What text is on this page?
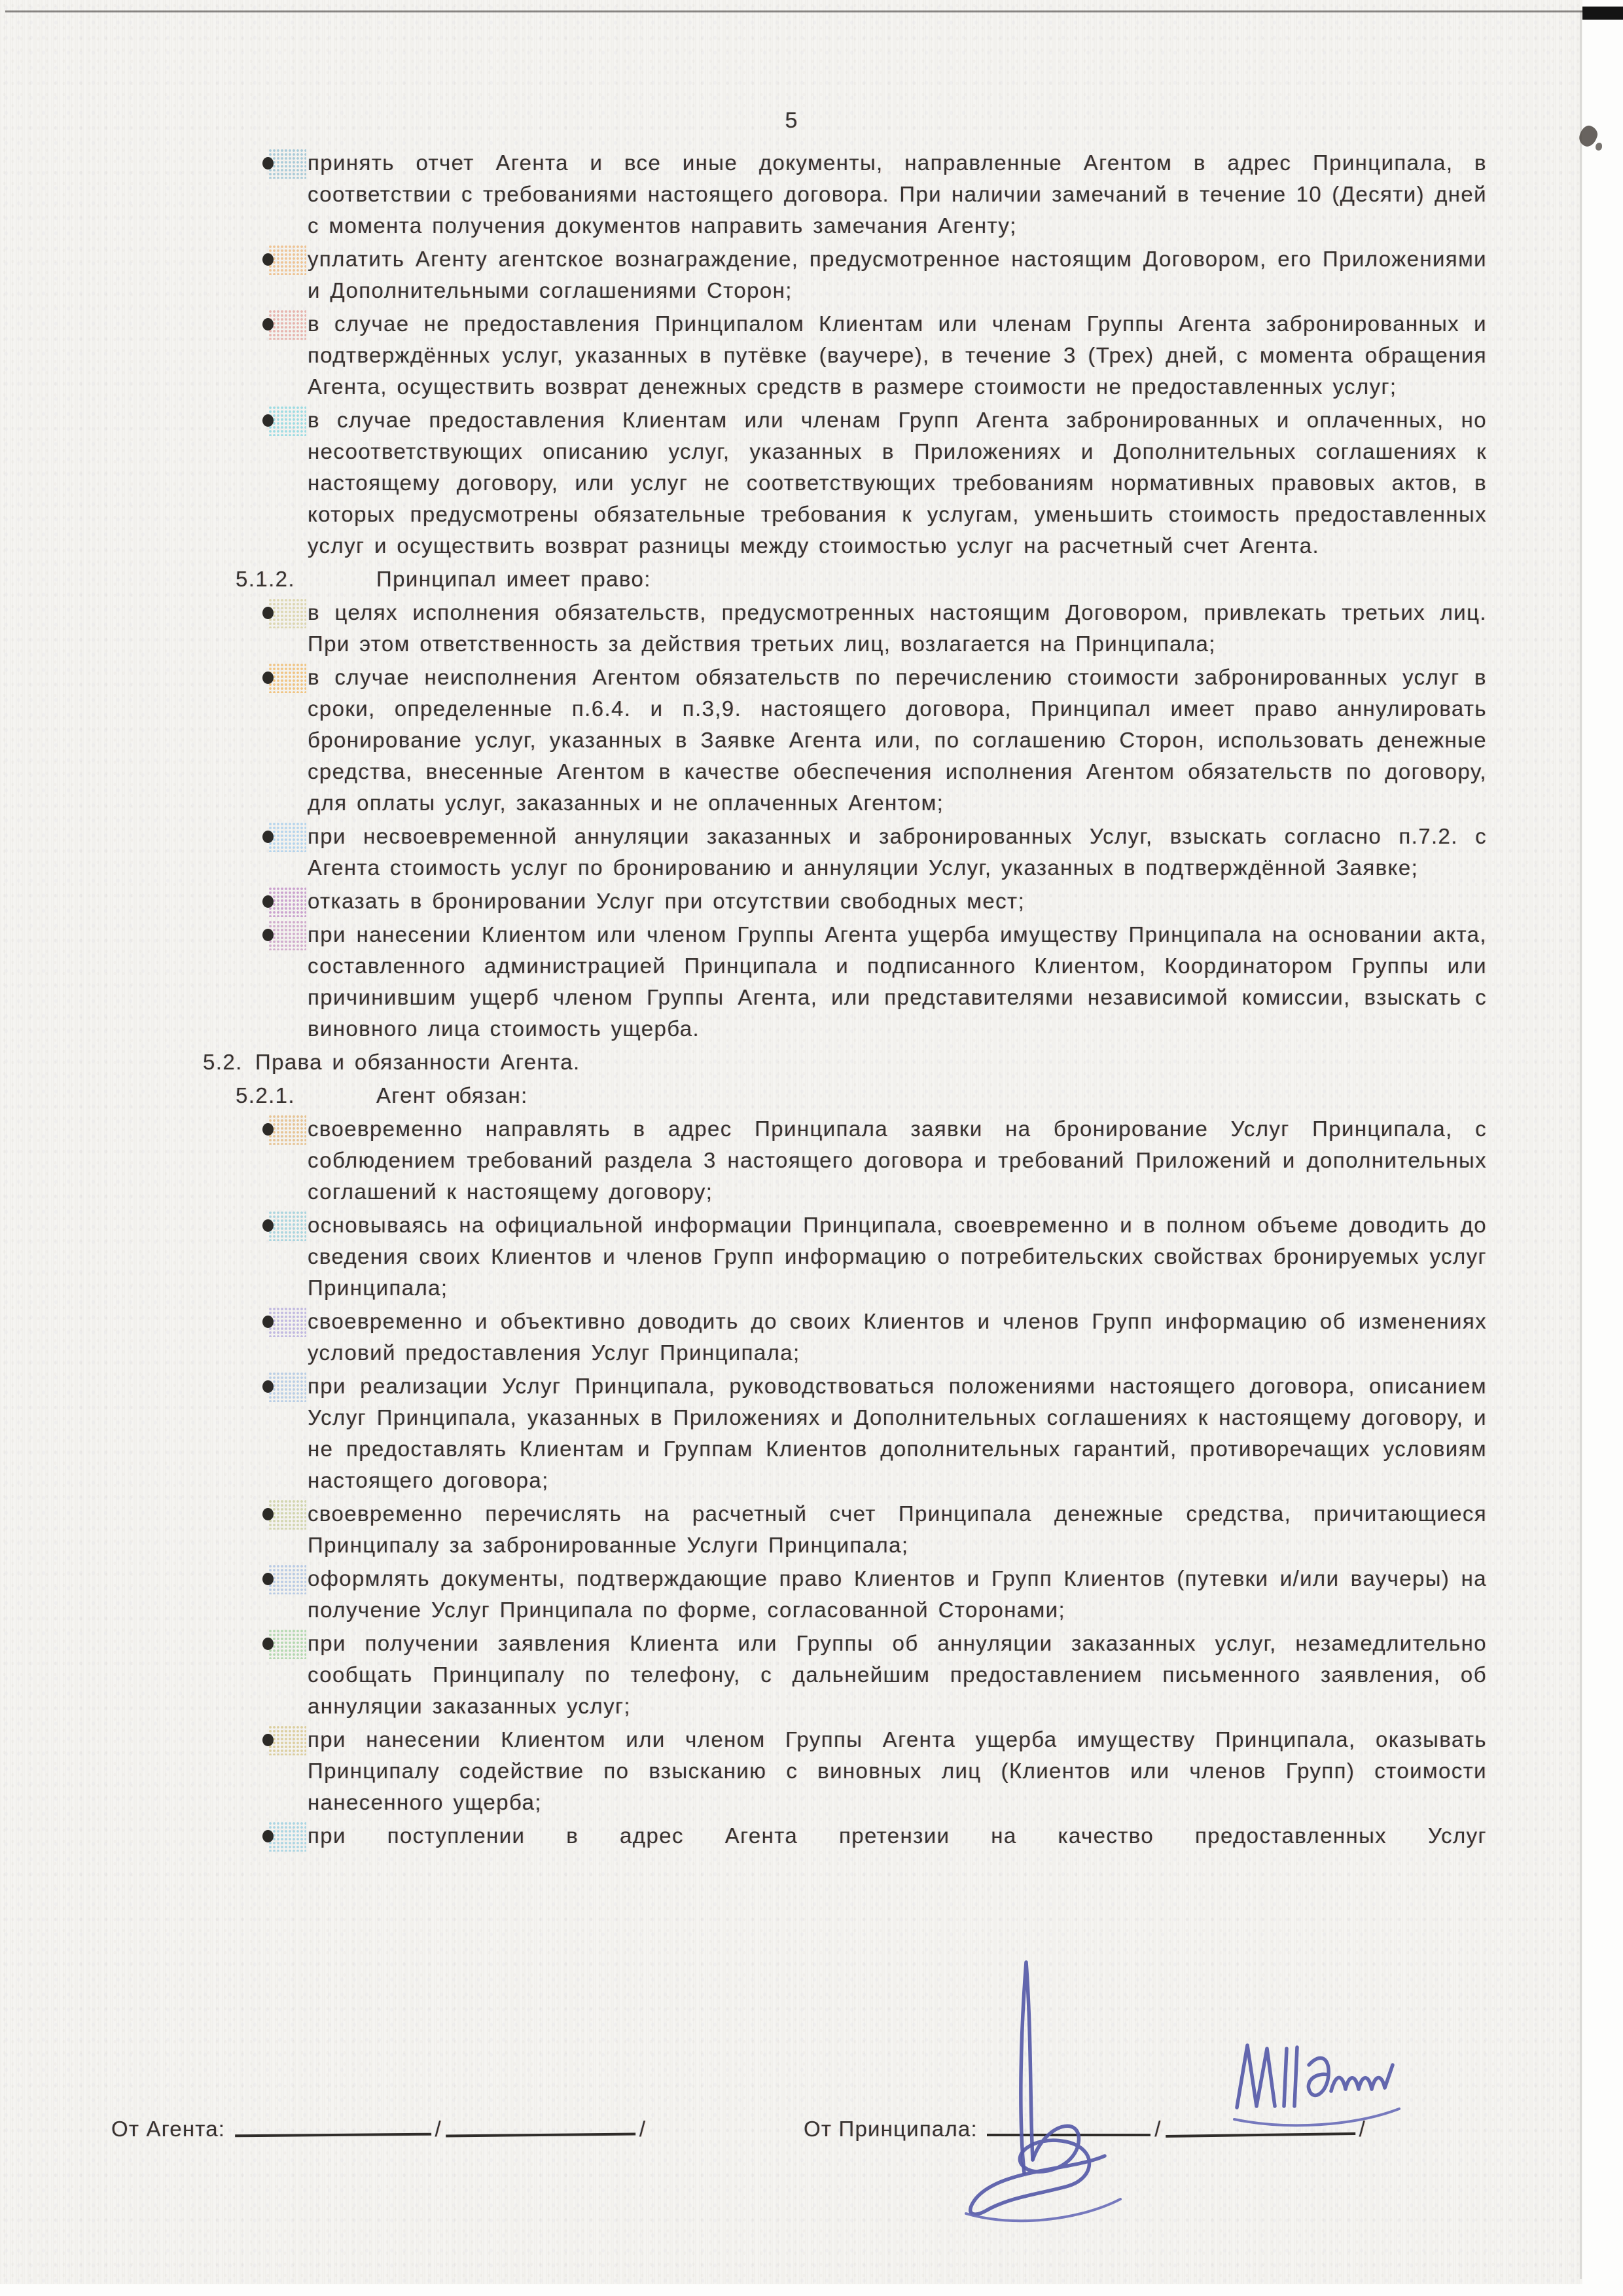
5
принять отчет Агента и все иные документы, направленные Агентом в адрес Принципала, в соответствии с требованиями настоящего договора. При наличии замечаний в течение 10 (Десяти) дней с момента получения документов направить замечания Агенту;
уплатить Агенту агентское вознаграждение, предусмотренное настоящим Договором, его Приложениями и Дополнительными соглашениями Сторон;
в случае не предоставления Принципалом Клиентам или членам Группы Агента забронированных и подтверждённых услуг, указанных в путёвке (ваучере), в течение 3 (Трех) дней, с момента обращения Агента, осуществить возврат денежных средств в размере стоимости не предоставленных услуг;
в случае предоставления Клиентам или членам Групп Агента забронированных и оплаченных, но несоответствующих описанию услуг, указанных в Приложениях и Дополнительных соглашениях к настоящему договору, или услуг не соответствующих требованиям нормативных правовых актов, в которых предусмотрены обязательные требования к услугам, уменьшить стоимость предоставленных услуг и осуществить возврат разницы между стоимостью услуг на расчетный счет Агента.
5.1.2.	Принципал имеет право:
в целях исполнения обязательств, предусмотренных настоящим Договором, привлекать третьих лиц. При этом ответственность за действия третьих лиц, возлагается на Принципала;
в случае неисполнения Агентом обязательств по перечислению стоимости забронированных услуг в сроки, определенные п.6.4. и п.3,9. настоящего договора, Принципал имеет право аннулировать бронирование услуг, указанных в Заявке Агента или, по соглашению Сторон, использовать денежные средства, внесенные Агентом в качестве обеспечения исполнения Агентом обязательств по договору, для оплаты услуг, заказанных и не оплаченных Агентом;
при несвоевременной аннуляции заказанных и забронированных Услуг, взыскать согласно п.7.2. с Агента стоимость услуг по бронированию и аннуляции Услуг, указанных в подтверждённой Заявке;
отказать в бронировании Услуг при отсутствии свободных мест;
при нанесении Клиентом или членом Группы Агента ущерба имуществу Принципала на основании акта, составленного администрацией Принципала и подписанного Клиентом, Координатором Группы или причинившим ущерб членом Группы Агента, или представителями независимой комиссии, взыскать с виновного лица стоимость ущерба.
5.2. Права и обязанности Агента.
5.2.1.	Агент обязан:
своевременно направлять в адрес Принципала заявки на бронирование Услуг Принципала, с соблюдением требований раздела 3 настоящего договора и требований Приложений и дополнительных соглашений к настоящему договору;
основываясь на официальной информации Принципала, своевременно и в полном объеме доводить до сведения своих Клиентов и членов Групп информацию о потребительских свойствах бронируемых услуг Принципала;
своевременно и объективно доводить до своих Клиентов и членов Групп информацию об изменениях условий предоставления Услуг Принципала;
при реализации Услуг Принципала, руководствоваться положениями настоящего договора, описанием Услуг Принципала, указанных в Приложениях и Дополнительных соглашениях к настоящему договору, и не предоставлять Клиентам и Группам Клиентов дополнительных гарантий, противоречащих условиям настоящего договора;
своевременно перечислять на расчетный счет Принципала денежные средства, причитающиеся Принципалу за забронированные Услуги Принципала;
оформлять документы, подтверждающие право Клиентов и Групп Клиентов (путевки и/или ваучеры) на получение Услуг Принципала по форме, согласованной Сторонами;
при получении заявления Клиента или Группы об аннуляции заказанных услуг, незамедлительно сообщать Принципалу по телефону, с дальнейшим предоставлением письменного заявления, об аннуляции заказанных услуг;
при нанесении Клиентом или членом Группы Агента ущерба имуществу Принципала, оказывать Принципалу содействие по взысканию с виновных лиц (Клиентов или членов Групп) стоимости нанесенного ущерба;
при поступлении в адрес Агента претензии на качество предоставленных Услуг
От Агента:	/	/	От Принципала:	/	/
